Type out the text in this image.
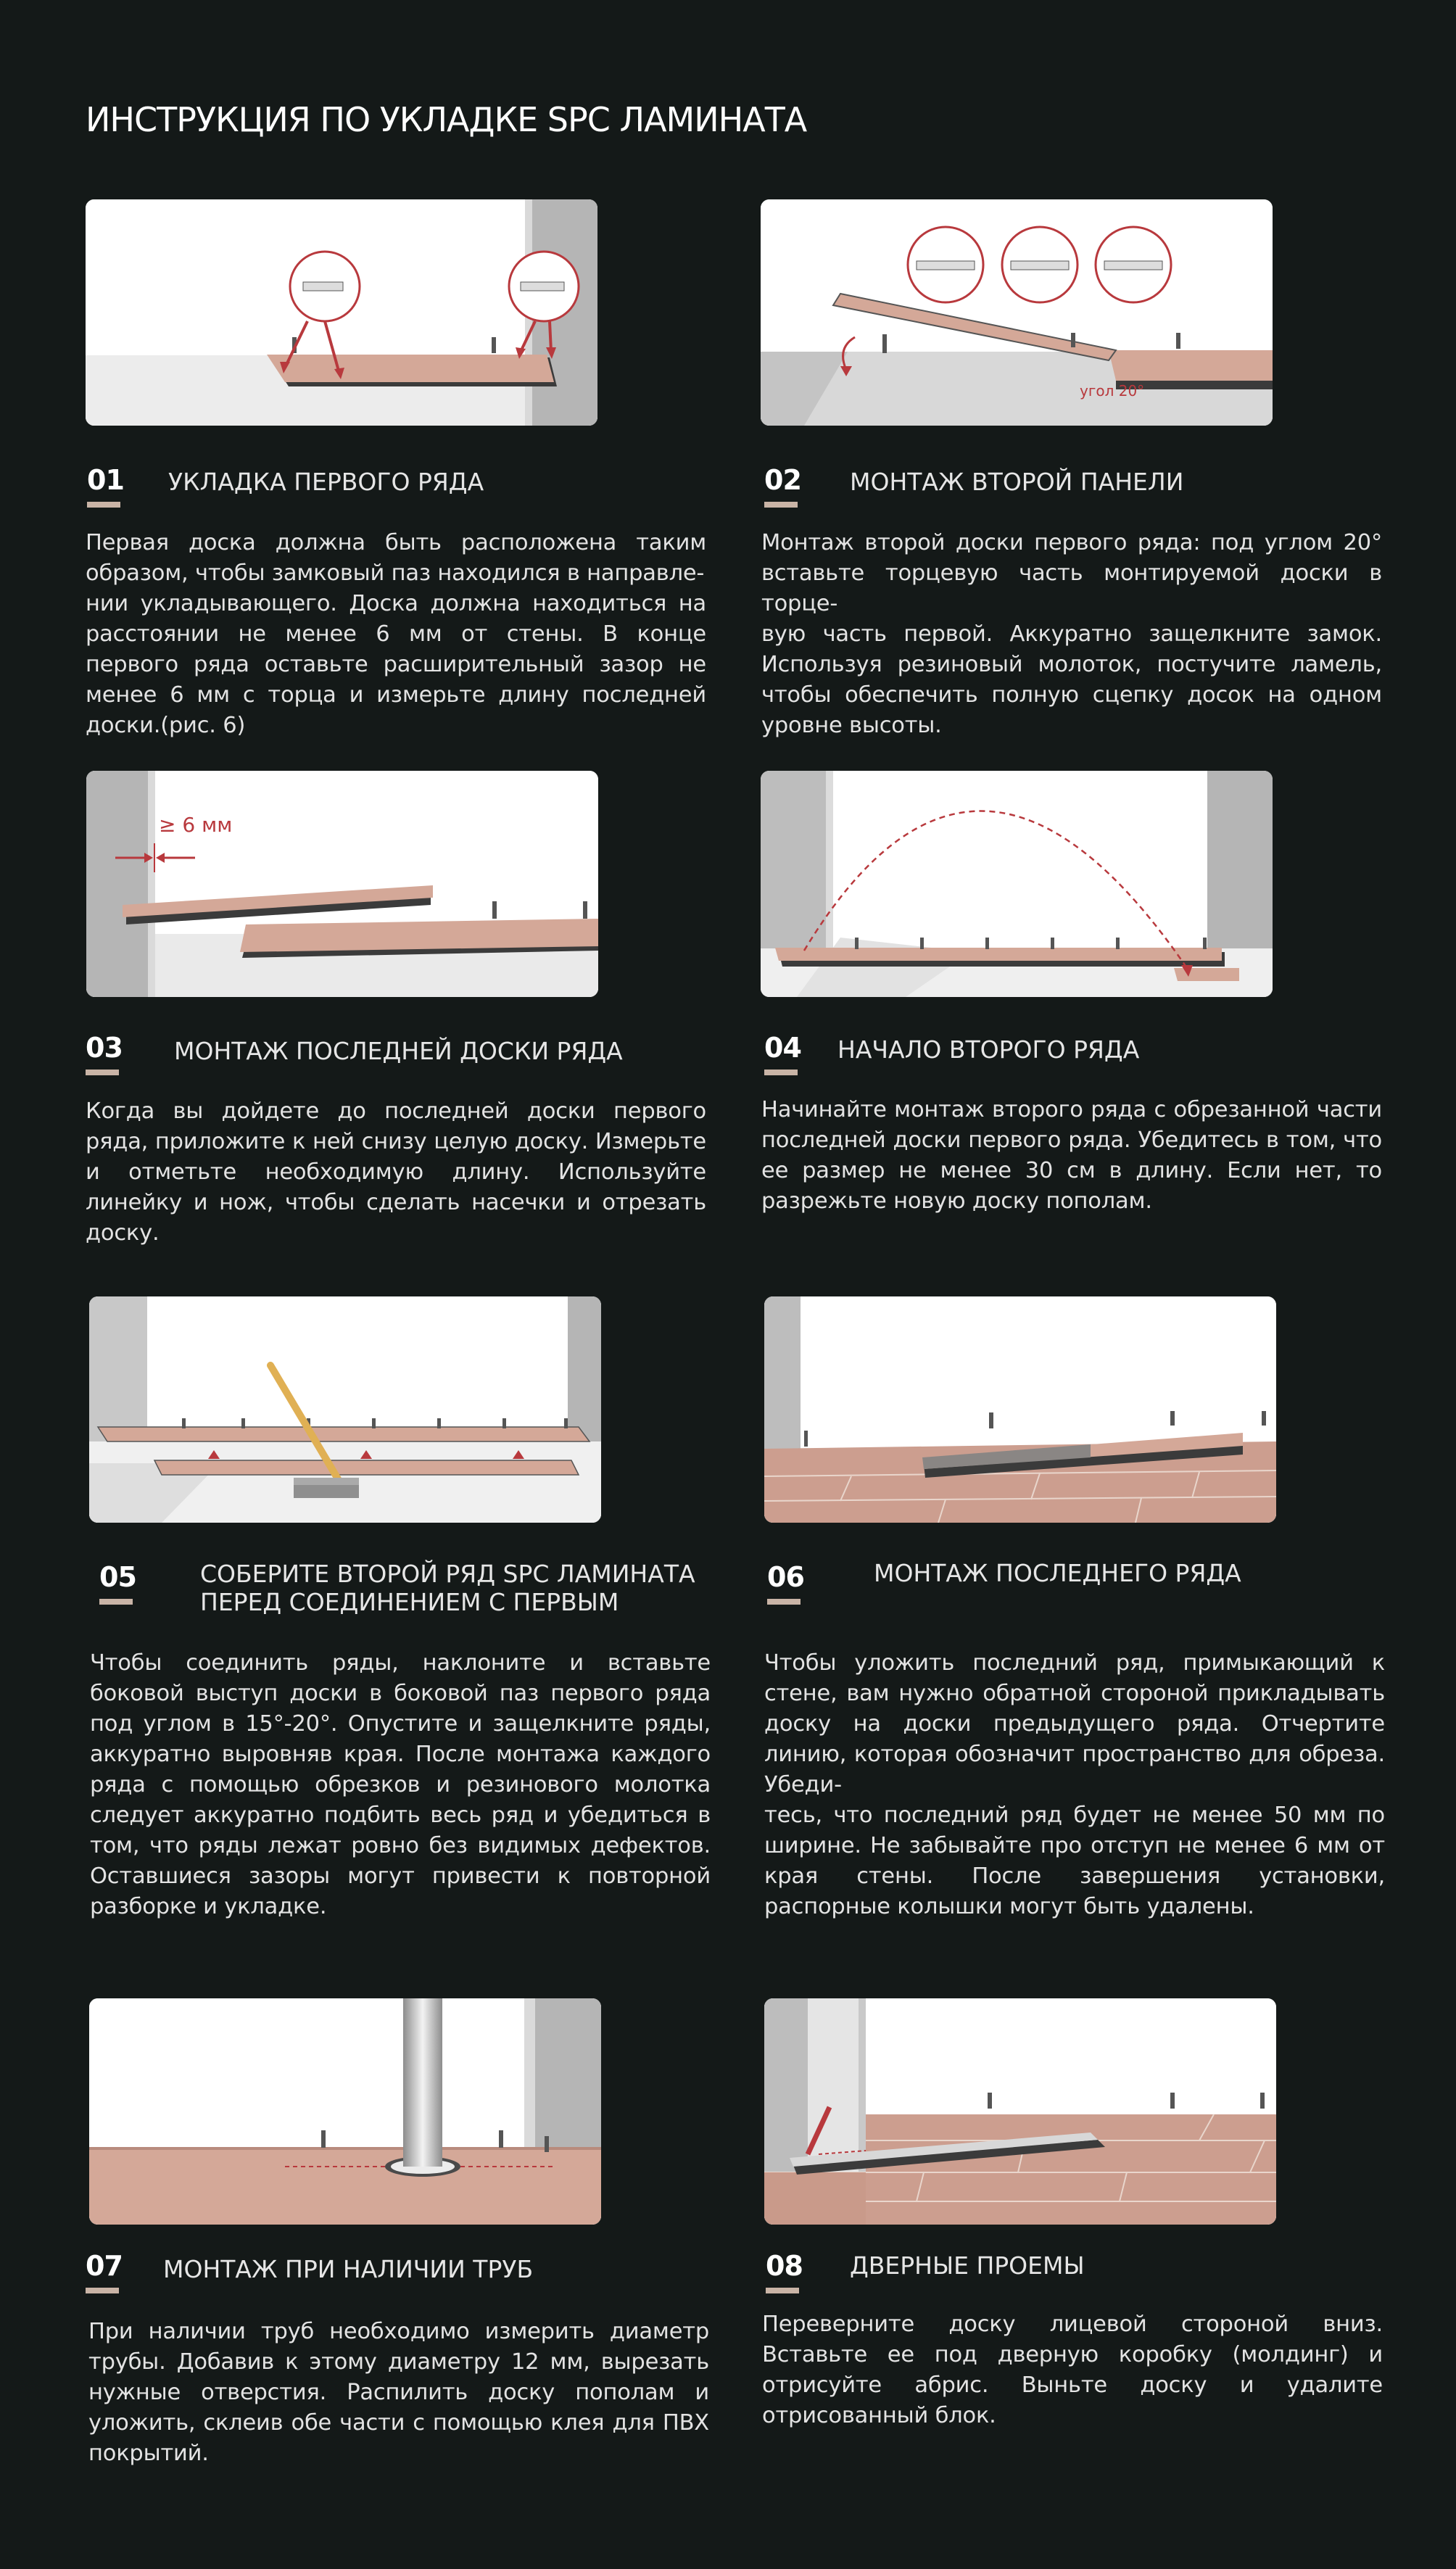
ИНСТРУКЦИЯ ПО УКЛАДКЕ SPC ЛАМИНАТА
01 УКЛАДКА ПЕРВОГО РЯДА
Первая доска должна быть расположена таким образом, чтобы замковый паз находился в направле-
нии укладывающего. Доска должна находиться на расстоянии не менее 6 мм от стены. В конце первого ряда оставьте расширительный зазор не менее 6 мм с торца и измерьте длину последней доски.(рис. 6)
угол 20°
02 МОНТАЖ ВТОРОЙ ПАНЕЛИ
Монтаж второй доски первого ряда: под углом 20° вставьте торцевую часть монтируемой доски в торце-
вую часть первой. Аккуратно защелкните замок. Используя резиновый молоток, постучите ламель, чтобы обеспечить полную сцепку досок на одном уровне высоты.
≥ 6 мм
03 МОНТАЖ ПОСЛЕДНЕЙ ДОСКИ РЯДА
Когда вы дойдете до последней доски первого ряда, приложите к ней снизу целую доску. Измерьте и отметьте необходимую длину. Используйте линейку и нож, чтобы сделать насечки и отрезать доску.
04 НАЧАЛО ВТОРОГО РЯДА
Начинайте монтаж второго ряда с обрезанной части последней доски первого ряда. Убедитесь в том, что ее размер не менее 30 см в длину. Если нет, то разрежьте новую доску пополам.
05	СОБЕРИТЕ ВТОРОЙ РЯД SPC ЛАМИНАТА
ПЕРЕД СОЕДИНЕНИЕМ С ПЕРВЫМ
Чтобы соединить ряды, наклоните и вставьте боковой выступ доски в боковой паз первого ряда под углом в 15°-20°. Опустите и защелкните ряды, аккуратно выровняв края. После монтажа каждого ряда с помощью обрезков и резинового молотка следует аккуратно подбить весь ряд и убедиться в том, что ряды лежат ровно без видимых дефектов. Оставшиеся зазоры могут привести к повторной разборке и укладке.
06	МОНТАЖ ПОСЛЕДНЕГО РЯДА
Чтобы уложить последний ряд, примыкающий к стене, вам нужно обратной стороной прикладывать доску на доски предыдущего ряда. Отчертите линию, которая обозначит пространство для обреза. Убеди-
тесь, что последний ряд будет не менее 50 мм по ширине. Не забывайте про отступ не менее 6 мм от края стены. После завершения установки, распорные колышки могут быть удалены.
07 МОНТАЖ ПРИ НАЛИЧИИ ТРУБ
При наличии труб необходимо измерить диаметр трубы. Добавив к этому диаметру 12 мм, вырезать нужные отверстия. Распилить доску пополам и уложить, склеив обе части с помощью клея для ПВХ покрытий.
08 ДВЕРНЫЕ ПРОЕМЫ
Переверните доску лицевой стороной вниз. Вставьте ее под дверную коробку (молдинг) и отрисуйте абрис. Выньте доску и удалите отрисованный блок.
